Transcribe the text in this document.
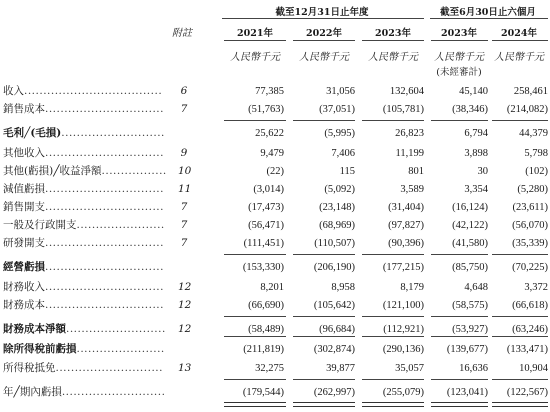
截至12月31日止年度	截至6月30日止六個月
附註	2021年	2022年	2023年	2023年	2024年
人民幣千元	人民幣千元	人民幣千元	人民幣千元	人民幣千元
(未經審計)
收入.................................... 6	77,385	31,056	132,604	45,140	258,461
銷售成本............................... 7	(51,763)	(37,051)	(105,781)	(38,346)	(214,082)
毛利╱(毛損)...........................	25,622	(5,995)	26,823	6,794	44,379
其他收入............................... 9	9,479	7,406	11,199	3,898	5,798
其他(虧損)╱收益淨額................. 10	(22)	115	801	30	(102)
減值虧損............................... 11	(3,014)	(5,092)	3,589	3,354	(5,280)
銷售開支............................... 7	(17,473)	(23,148)	(31,404)	(16,124)	(23,611)
一般及行政開支....................... 7	(56,471)	(68,969)	(97,827)	(42,122)	(56,070)
研發開支............................... 7	(111,451)	(110,507)	(90,396)	(41,580)	(35,339)
經營虧損...............................	(153,330)	(206,190)	(177,215)	(85,750)	(70,225)
財務收入............................... 12	8,201	8,958	8,179	4,648	3,372
財務成本............................... 12	(66,690)	(105,642)	(121,100)	(58,575)	(66,618)
財務成本淨額.......................... 12	(58,489)	(96,684)	(112,921)	(53,927)	(63,246)
除所得稅前虧損.......................	(211,819)	(302,874)	(290,136)	(139,677)	(133,471)
所得稅抵免............................ 13	32,275	39,877	35,057	16,636	10,904
年╱期內虧損...........................	(179,544)	(262,997)	(255,079)	(123,041)	(122,567)
